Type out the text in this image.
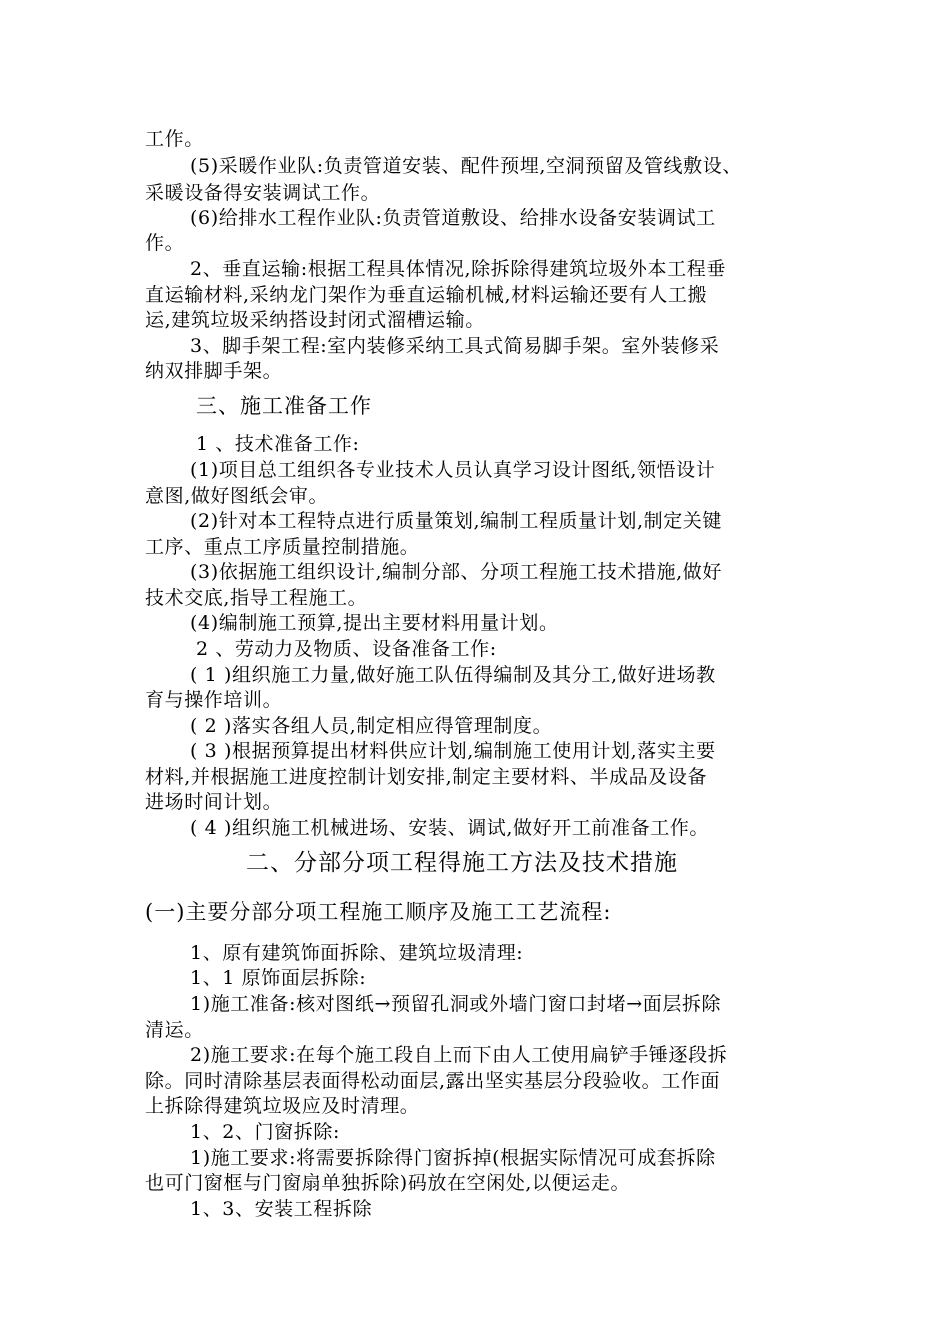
工作。
(5)采暖作业队:负责管道安装、配件预埋,空洞预留及管线敷设、
采暖设备得安装调试工作。
(6)给排水工程作业队:负责管道敷设、给排水设备安装调试工
作。
2、垂直运输:根据工程具体情况,除拆除得建筑垃圾外本工程垂
直运输材料,采纳龙门架作为垂直运输机械,材料运输还要有人工搬
运,建筑垃圾采纳搭设封闭式溜槽运输。
3、脚手架工程:室内装修采纳工具式简易脚手架。室外装修采
纳双排脚手架。
三、施工准备工作
1 、技术准备工作:
(1)项目总工组织各专业技术人员认真学习设计图纸,领悟设计
意图,做好图纸会审。
(2)针对本工程特点进行质量策划,编制工程质量计划,制定关键
工序、重点工序质量控制措施。
(3)依据施工组织设计,编制分部、分项工程施工技术措施,做好
技术交底,指导工程施工。
(4)编制施工预算,提出主要材料用量计划。
2 、劳动力及物质、设备准备工作:
( 1 )组织施工力量,做好施工队伍得编制及其分工,做好进场教
育与操作培训。
( 2 )落实各组人员,制定相应得管理制度。
( 3 )根据预算提出材料供应计划,编制施工使用计划,落实主要
材料,并根据施工进度控制计划安排,制定主要材料、半成品及设备
进场时间计划。
( 4 )组织施工机械进场、安装、调试,做好开工前准备工作。
二、分部分项工程得施工方法及技术措施
(一)主要分部分项工程施工顺序及施工工艺流程:
1、原有建筑饰面拆除、建筑垃圾清理:
1、1 原饰面层拆除:
1)施工准备:核对图纸→预留孔洞或外墙门窗口封堵→面层拆除
清运。
2)施工要求:在每个施工段自上而下由人工使用扁铲手锤逐段拆
除。同时清除基层表面得松动面层,露出坚实基层分段验收。工作面
上拆除得建筑垃圾应及时清理。
1、2、门窗拆除:
1)施工要求:将需要拆除得门窗拆掉(根据实际情况可成套拆除
也可门窗框与门窗扇单独拆除)码放在空闲处,以便运走。
1、3、安装工程拆除
